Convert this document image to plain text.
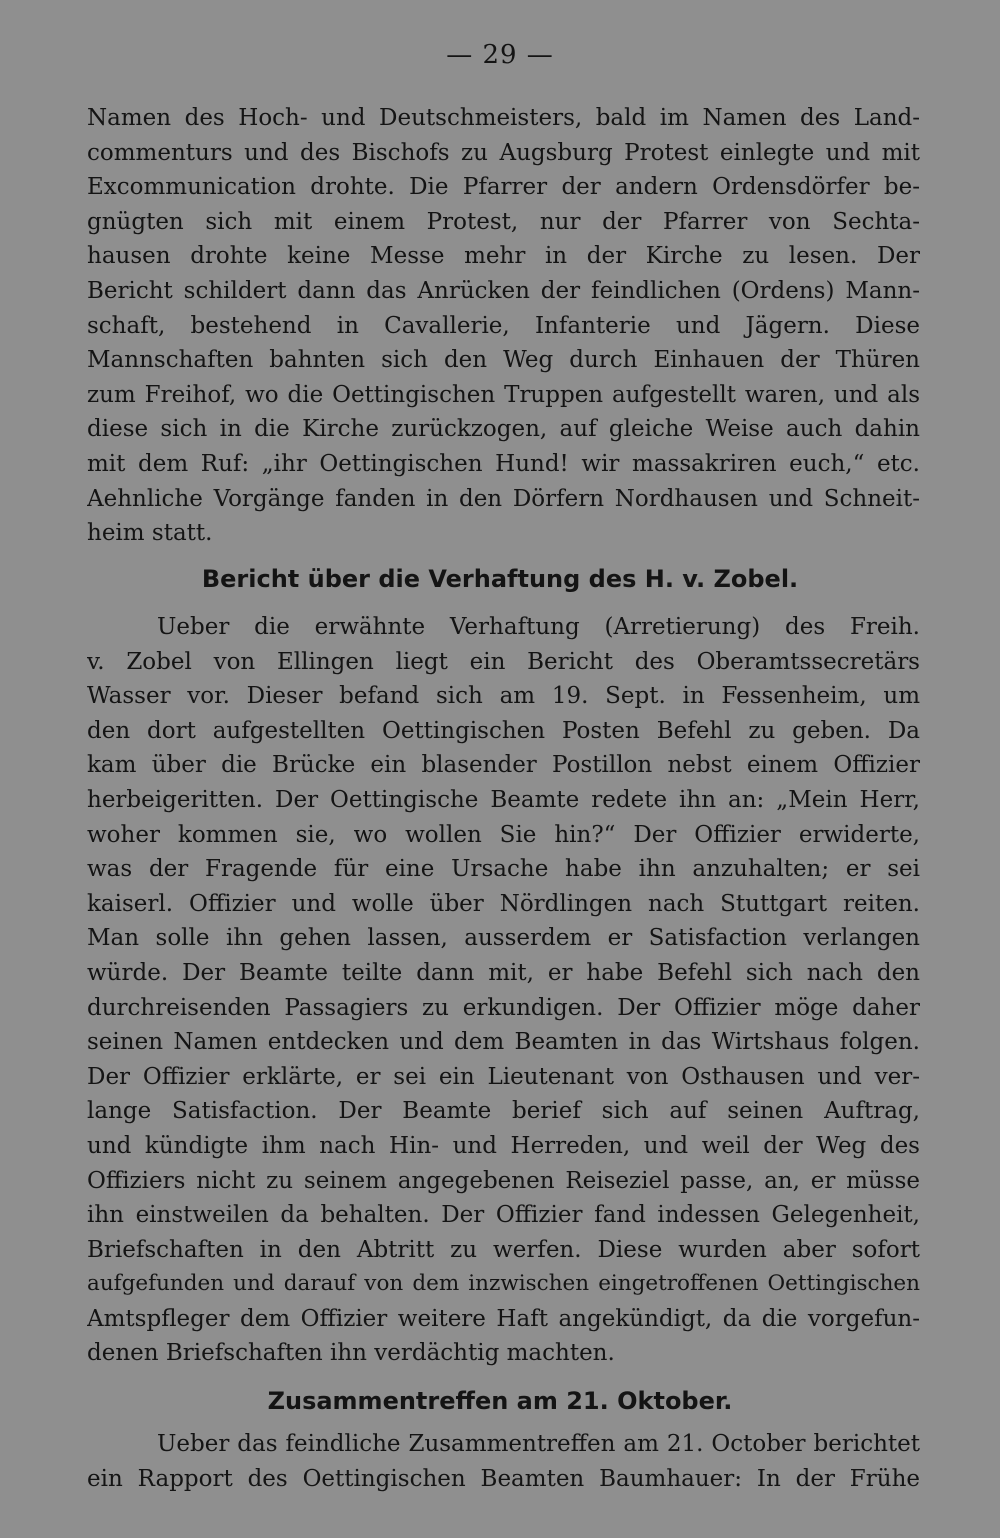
— 29 —
Namen des Hoch- und Deutschmeisters, bald im Namen des Land-
commenturs und des Bischofs zu Augsburg Protest einlegte und mit
Excommunication drohte. Die Pfarrer der andern Ordensdörfer be-
gnügten sich mit einem Protest, nur der Pfarrer von Sechta-
hausen drohte keine Messe mehr in der Kirche zu lesen. Der
Bericht schildert dann das Anrücken der feindlichen (Ordens) Mann-
schaft, bestehend in Cavallerie, Infanterie und Jägern. Diese
Mannschaften bahnten sich den Weg durch Einhauen der Thüren
zum Freihof, wo die Oettingischen Truppen aufgestellt waren, und als
diese sich in die Kirche zurückzogen, auf gleiche Weise auch dahin
mit dem Ruf: „ihr Oettingischen Hund! wir massakriren euch,“ etc.
Aehnliche Vorgänge fanden in den Dörfern Nordhausen und Schneit-
heim statt.
Bericht über die Verhaftung des H. v. Zobel.
Ueber die erwähnte Verhaftung (Arretierung) des Freih.
v. Zobel von Ellingen liegt ein Bericht des Oberamtssecretärs
Wasser vor. Dieser befand sich am 19. Sept. in Fessenheim, um
den dort aufgestellten Oettingischen Posten Befehl zu geben. Da
kam über die Brücke ein blasender Postillon nebst einem Offizier
herbeigeritten. Der Oettingische Beamte redete ihn an: „Mein Herr,
woher kommen sie, wo wollen Sie hin?“ Der Offizier erwiderte,
was der Fragende für eine Ursache habe ihn anzuhalten; er sei
kaiserl. Offizier und wolle über Nördlingen nach Stuttgart reiten.
Man solle ihn gehen lassen, ausserdem er Satisfaction verlangen
würde. Der Beamte teilte dann mit, er habe Befehl sich nach den
durchreisenden Passagiers zu erkundigen. Der Offizier möge daher
seinen Namen entdecken und dem Beamten in das Wirtshaus folgen.
Der Offizier erklärte, er sei ein Lieutenant von Osthausen und ver-
lange Satisfaction. Der Beamte berief sich auf seinen Auftrag,
und kündigte ihm nach Hin- und Herreden, und weil der Weg des
Offiziers nicht zu seinem angegebenen Reiseziel passe, an, er müsse
ihn einstweilen da behalten. Der Offizier fand indessen Gelegenheit,
Briefschaften in den Abtritt zu werfen. Diese wurden aber sofort
aufgefunden und darauf von dem inzwischen eingetroffenen Oettingischen
Amtspfleger dem Offizier weitere Haft angekündigt, da die vorgefun-
denen Briefschaften ihn verdächtig machten.
Zusammentreffen am 21. Oktober.
Ueber das feindliche Zusammentreffen am 21. October berichtet
ein Rapport des Oettingischen Beamten Baumhauer: In der Frühe
